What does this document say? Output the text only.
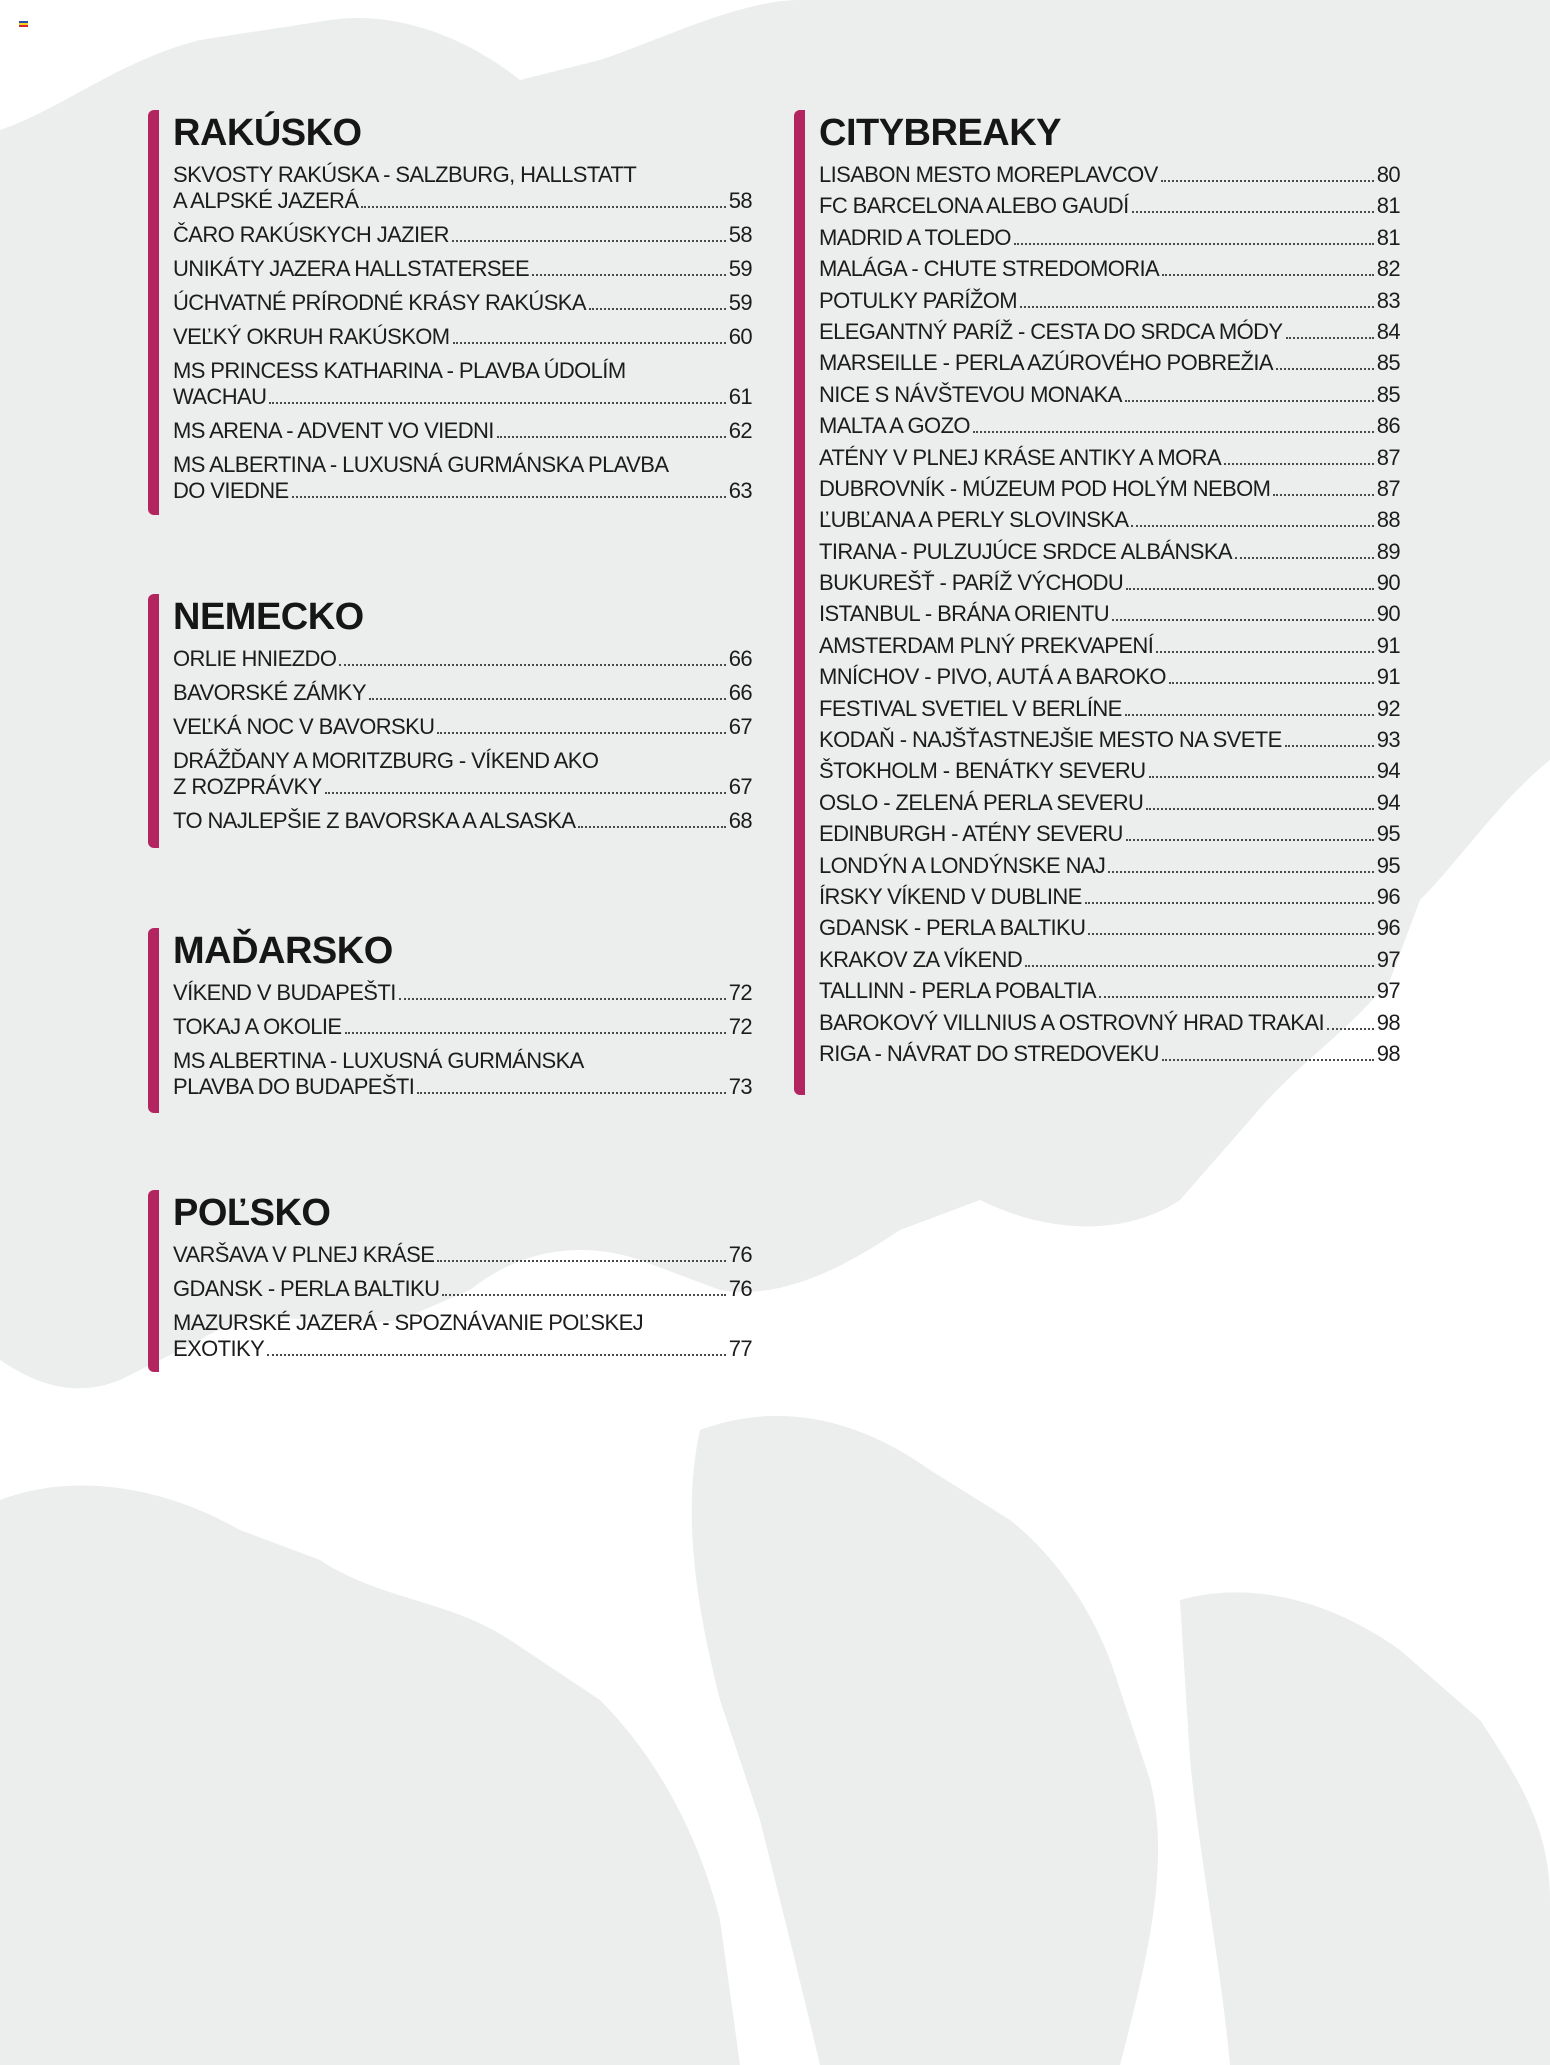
RAKÚSKO
SKVOSTY RAKÚSKA - SALZBURG, HALLSTATT
A ALPSKÉ JAZERÁ	58
ČARO RAKÚSKYCH JAZIER	58
UNIKÁTY JAZERA HALLSTATERSEE	59
ÚCHVATNÉ PRÍRODNÉ KRÁSY RAKÚSKA	59
VEĽKÝ OKRUH RAKÚSKOM	60
MS PRINCESS KATHARINA - PLAVBA ÚDOLÍM
WACHAU	61
MS ARENA - ADVENT VO VIEDNI	62
MS ALBERTINA - LUXUSNÁ GURMÁNSKA PLAVBA
DO VIEDNE	63
NEMECKO
ORLIE HNIEZDO	66
BAVORSKÉ ZÁMKY	66
VEĽKÁ NOC V BAVORSKU	67
DRÁŽĎANY A MORITZBURG - VÍKEND AKO
Z ROZPRÁVKY	67
TO NAJLEPŠIE Z BAVORSKA A ALSASKA	68
MAĎARSKO
VÍKEND V BUDAPEŠTI	72
TOKAJ A OKOLIE	72
MS ALBERTINA - LUXUSNÁ GURMÁNSKA
PLAVBA DO BUDAPEŠTI	73
POĽSKO
VARŠAVA V PLNEJ KRÁSE	76
GDANSK - PERLA BALTIKU	76
MAZURSKÉ JAZERÁ - SPOZNÁVANIE POĽSKEJ
EXOTIKY	77
CITYBREAKY
LISABON MESTO MOREPLAVCOV	80
FC BARCELONA ALEBO GAUDÍ	81
MADRID A TOLEDO	81
MALÁGA - CHUTE STREDOMORIA	82
POTULKY PARÍŽOM	83
ELEGANTNÝ PARÍŽ - CESTA DO SRDCA MÓDY	84
MARSEILLE - PERLA AZÚROVÉHO POBREŽIA	85
NICE S NÁVŠTEVOU MONAKA	85
MALTA A GOZO	86
ATÉNY V PLNEJ KRÁSE ANTIKY A MORA	87
DUBROVNÍK - MÚZEUM POD HOLÝM NEBOM	87
ĽUBĽANA A PERLY SLOVINSKA	88
TIRANA - PULZUJÚCE SRDCE ALBÁNSKA	89
BUKUREŠŤ - PARÍŽ VÝCHODU	90
ISTANBUL - BRÁNA ORIENTU	90
AMSTERDAM PLNÝ PREKVAPENÍ	91
MNÍCHOV - PIVO, AUTÁ A BAROKO	91
FESTIVAL SVETIEL V BERLÍNE	92
KODAŇ - NAJŠŤASTNEJŠIE MESTO NA SVETE	93
ŠTOKHOLM - BENÁTKY SEVERU	94
OSLO - ZELENÁ PERLA SEVERU	94
EDINBURGH - ATÉNY SEVERU	95
LONDÝN A LONDÝNSKE NAJ	95
ÍRSKY VÍKEND V DUBLINE	96
GDANSK - PERLA BALTIKU	96
KRAKOV ZA VÍKEND	97
TALLINN - PERLA POBALTIA	97
BAROKOVÝ VILLNIUS A OSTROVNÝ HRAD TRAKAI 98
RIGA - NÁVRAT DO STREDOVEKU	98
